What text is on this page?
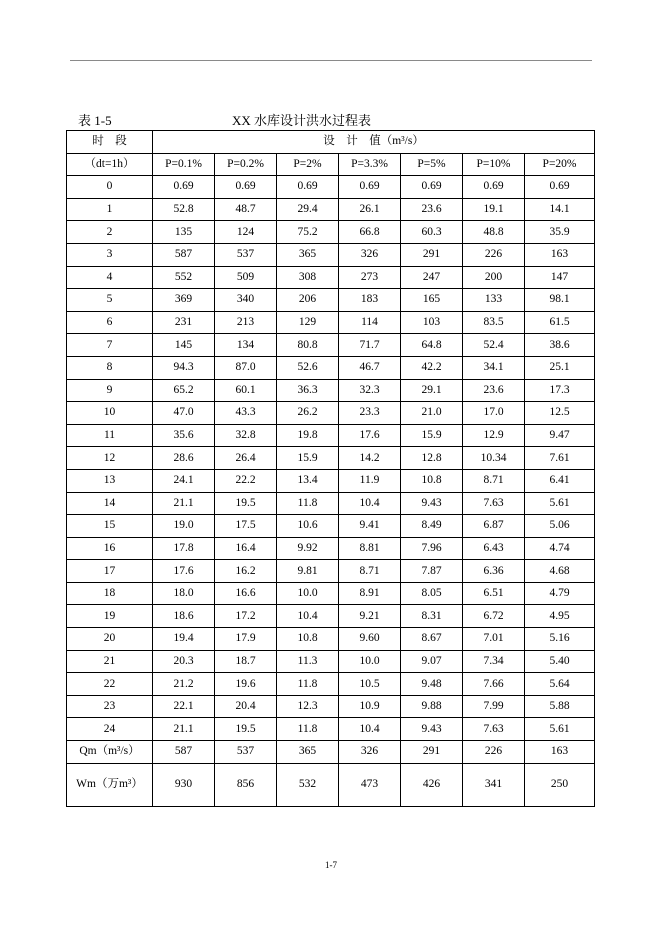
表 1-5	XX 水库设计洪水过程表
时　段	设　计　值（m³/s）						
（dt=1h）	P=0.1%	P=0.2%	P=2%	P=3.3%	P=5%	P=10%	P=20%
0	0.69	0.69	0.69	0.69	0.69	0.69	0.69
1	52.8	48.7	29.4	26.1	23.6	19.1	14.1
2	135	124	75.2	66.8	60.3	48.8	35.9
3	587	537	365	326	291	226	163
4	552	509	308	273	247	200	147
5	369	340	206	183	165	133	98.1
6	231	213	129	114	103	83.5	61.5
7	145	134	80.8	71.7	64.8	52.4	38.6
8	94.3	87.0	52.6	46.7	42.2	34.1	25.1
9	65.2	60.1	36.3	32.3	29.1	23.6	17.3
10	47.0	43.3	26.2	23.3	21.0	17.0	12.5
11	35.6	32.8	19.8	17.6	15.9	12.9	9.47
12	28.6	26.4	15.9	14.2	12.8	10.34	7.61
13	24.1	22.2	13.4	11.9	10.8	8.71	6.41
14	21.1	19.5	11.8	10.4	9.43	7.63	5.61
15	19.0	17.5	10.6	9.41	8.49	6.87	5.06
16	17.8	16.4	9.92	8.81	7.96	6.43	4.74
17	17.6	16.2	9.81	8.71	7.87	6.36	4.68
18	18.0	16.6	10.0	8.91	8.05	6.51	4.79
19	18.6	17.2	10.4	9.21	8.31	6.72	4.95
20	19.4	17.9	10.8	9.60	8.67	7.01	5.16
21	20.3	18.7	11.3	10.0	9.07	7.34	5.40
22	21.2	19.6	11.8	10.5	9.48	7.66	5.64
23	22.1	20.4	12.3	10.9	9.88	7.99	5.88
24	21.1	19.5	11.8	10.4	9.43	7.63	5.61
Qm（m³/s）	587	537	365	326	291	226	163
Wm（万m³）	930	856	532	473	426	341	250
1-7
